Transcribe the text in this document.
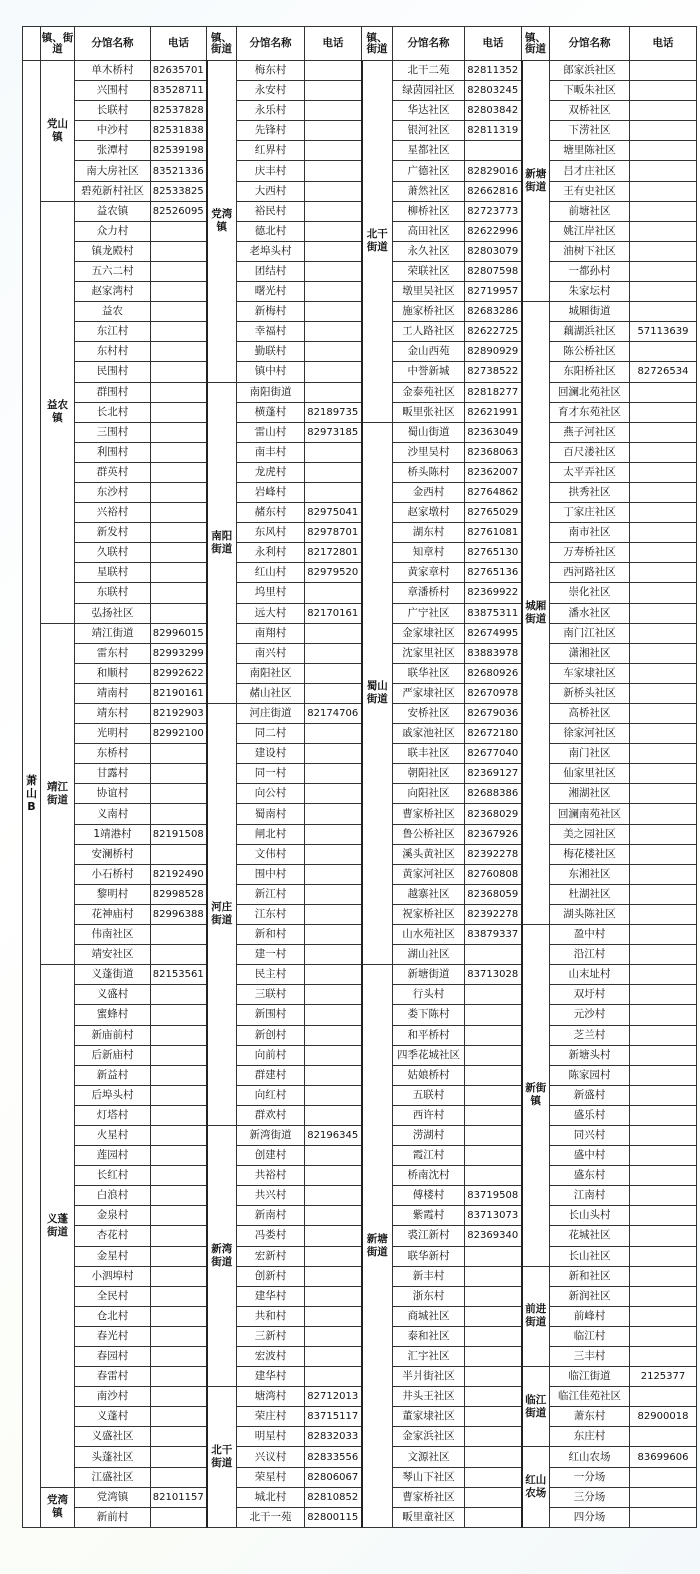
	镇、街道	分馆名称	电话	镇、街道	分馆名称	电话	镇、街道	分馆名称	电话	镇、街道	分馆名称	电话
萧山B	党山镇	单木桥村	82635701	党湾镇	梅东村		北干街道	北干二苑	82811352	新塘街道	郎家浜社区	
		兴围村	83528711		永安村			绿茵园社区	82803245		下畈朱社区	
		长联村	82537828		永乐村			华达社区	82803842		双桥社区	
		中沙村	82531838		先锋村			银河社区	82811319		下涝社区	
		张潭村	82539198		红界村			星都社区			塘里陈社区	
		南大房社区	83521336		庆丰村			广德社区	82829016		吕才庄社区	
		碧苑新村社区	82533825		大西村			萧然社区	82662816		王有史社区	
	益农镇	益农镇	82526095		裕民村			柳桥社区	82723773		前塘社区	
		众力村			德北村			高田社区	82622996		姚江岸社区	
		镇龙殿村			老埠头村			永久社区	82803079		油树下社区	
		五六二村			团结村			荣联社区	82807598		一都孙村	
		赵家湾村			曙光村			墩里吴社区	82719957		朱家坛村	
		益农			新梅村			施家桥社区	82683286	城厢街道	城厢街道	
		东江村			幸福村			工人路社区	82622725		藕湖浜社区	57113639
		东村村			勤联村			金山西苑	82890929		陈公桥社区	
		民围村			镇中村			中誉新城	82738522		东阳桥社区	82726534
		群围村		南阳街道	南阳街道			金泰苑社区	82818277		回澜北苑社区	
		长北村			横蓬村	82189735		畈里张社区	82621991		育才东苑社区	
		三围村			雷山村	82973185	蜀山街道	蜀山街道	82363049		燕子河社区	
		利围村			南丰村			沙里吴村	82368063		百尺溇社区	
		群英村			龙虎村			桥头陈村	82362007		太平弄社区	
		东沙村			岩峰村			金西村	82764862		拱秀社区	
		兴裕村			赭东村	82975041		赵家墩村	82765029		丁家庄社区	
		新发村			东风村	82978701		湖东村	82761081		南市社区	
		久联村			永利村	82172801		知章村	82765130		万寿桥社区	
		星联村			红山村	82979520		黄家章村	82765136		西河路社区	
		东联村			坞里村			章潘桥村	82369922		崇化社区	
		弘扬社区			远大村	82170161		广宁社区	83875311		潘水社区	
	靖江街道	靖江街道	82996015		南翔村			金家埭社区	82674995		南门江社区	
		雷东村	82993299		南兴村			沈家里社区	83883978		潇湘社区	
		和顺村	82992622		南阳社区			联华社区	82680926		车家埭社区	
		靖南村	82190161		赭山社区			严家埭社区	82670978		新桥头社区	
		靖东村	82192903	河庄街道	河庄街道	82174706		安桥社区	82679036		高桥社区	
		光明村	82992100		同二村			戚家池社区	82672180		徐家河社区	
		东桥村			建设村			联丰社区	82677040		南门社区	
		甘露村			同一村			朝阳社区	82369127		仙家里社区	
		协谊村			向公村			向阳社区	82688386		湘湖社区	
		义南村			蜀南村			曹家桥社区	82368029		回澜南苑社区	
		1靖港村	82191508		闸北村			鲁公桥社区	82367926		美之园社区	
		安澜桥村			文伟村			溪头黄社区	82392278		梅花楼社区	
		小石桥村	82192490		围中村			黄家河社区	82760808		东湘社区	
		黎明村	82998528		新江村			越寨社区	82368059		杜湖社区	
		花神庙村	82996388		江东村			祝家桥社区	82392278		湖头陈社区	
		伟南社区			新和村			山水苑社区	83879337	新街镇	盈中村	
		靖安社区			建一村			湖山社区			沿江村	
	义蓬街道	义蓬街道	82153561		民主村		新塘街道	新塘街道	83713028		山末址村	
		义盛村			三联村			行头村			双圩村	
		蜜蜂村			新围村			娄下陈村			元沙村	
		新庙前村			新创村			和平桥村			芝兰村	
		后新庙村			向前村			四季花城社区			新塘头村	
		新益村			群建村			姑娘桥村			陈家园村	
		后埠头村			向红村			五联村			新盛村	
		灯塔村			群欢村			西许村			盛乐村	
		火星村		新湾街道	新湾街道	82196345		涝湖村			同兴村	
		莲园村			创建村			霞江村			盛中村	
		长红村			共裕村			桥南沈村			盛东村	
		白浪村			共兴村			傅楼村	83719508		江南村	
		金泉村			新南村			紫霞村	83713073		长山头村	
		杏花村			冯娄村			裘江新村	82369340		花城社区	
		金星村			宏新村			联华新村			长山社区	
		小泗埠村			创新村			新丰村		前进街道	新和社区	
		全民村			建华村			浙东村			新润社区	
		仓北村			共和村			商城社区			前峰村	
		春光村			三新村			泰和社区			临江村	
		春园村			宏波村			汇宇社区			三丰村	
		春雷村			建华村			半爿街社区		临江街道	临江街道	2125377
		南沙村		北干街道	塘湾村	82712013		井头王社区			临江佳苑社区	
		义蓬村			荣庄村	83715117		董家埭社区			萧东村	82900018
		义盛社区			明星村	82832033		金家浜社区			东庄村	
		头蓬社区			兴议村	82833556		文源社区		红山农场	红山农场	83699606
		江盛社区			荣星村	82806067		琴山下社区			一分场	
	党湾镇	党湾镇	82101157		城北村	82810852		曹家桥社区			三分场	
		新前村			北干一苑	82800115		畈里童社区			四分场	
